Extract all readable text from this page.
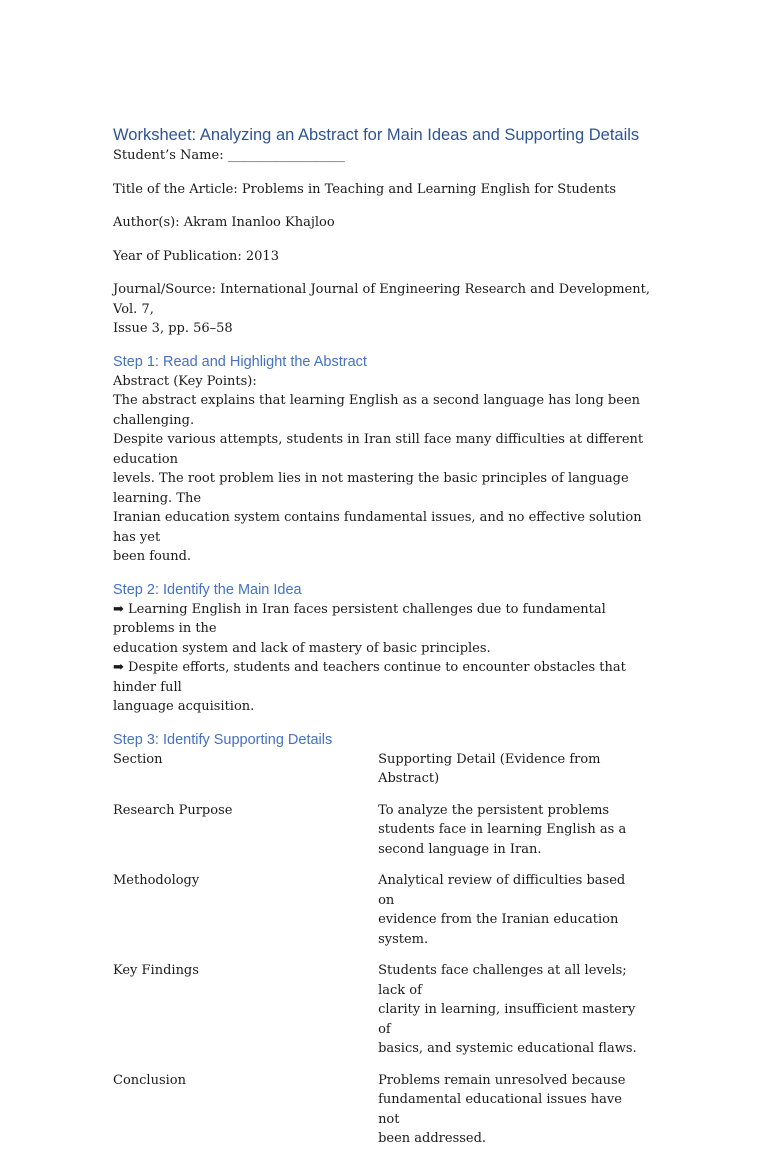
Worksheet: Analyzing an Abstract for Main Ideas and Supporting Details

Student’s Name: __________________

Title of the Article: Problems in Teaching and Learning English for Students

Author(s): Akram Inanloo Khajloo

Year of Publication: 2013

Journal/Source: International Journal of Engineering Research and Development, Vol. 7,

Issue 3, pp. 56–58

Step 1: Read and Highlight the Abstract

Abstract (Key Points):

The abstract explains that learning English as a second language has long been challenging.

Despite various attempts, students in Iran still face many difficulties at different education

levels. The root problem lies in not mastering the basic principles of language learning. The

Iranian education system contains fundamental issues, and no effective solution has yet

been found.

Step 2: Identify the Main Idea

➡ Learning English in Iran faces persistent challenges due to fundamental problems in the

education system and lack of mastery of basic principles.

➡ Despite efforts, students and teachers continue to encounter obstacles that hinder full

language acquisition.

Step 3: Identify Supporting Details
Section	Supporting Detail (Evidence from Abstract)
Research Purpose	To analyze the persistent problems
students face in learning English as a
second language in Iran.

Methodology	Analytical review of difficulties based on
evidence from the Iranian education
system.

Key Findings	Students face challenges at all levels; lack of
clarity in learning, insufficient mastery of
basics, and systemic educational flaws.

Conclusion	Problems remain unresolved because
fundamental educational issues have not
been addressed.
